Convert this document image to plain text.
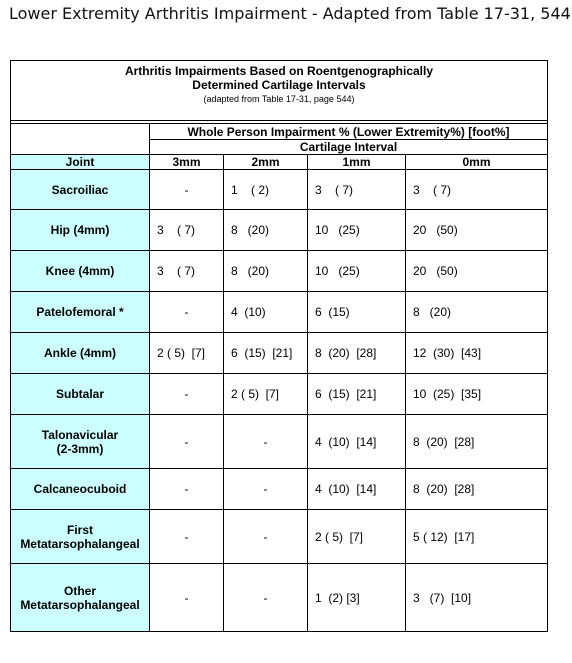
Lower Extremity Arthritis Impairment - Adapted from Table 17-31, 544
Arthritis Impairments Based on Roentgenographically
Determined Cartilage Intervals
(adapted from Table 17-31, page 544)				

	Whole Person Impairment % (Lower Extremity%) [foot%]			
	Cartilage Interval			
Joint	3mm	2mm	1mm	0mm

Sacroiliac	-	1    ( 2)	3    ( 7)	3    ( 7)

Hip (4mm)	3    ( 7)	8   (20)	10   (25)	20   (50)

Knee (4mm)	3    ( 7)	8   (20)	10   (25)	20   (50)

Patelofemoral *	-	4  (10)	6  (15)	8   (20)

Ankle (4mm)	2 ( 5)  [7]	6  (15)  [21]	8  (20)  [28]	12  (30)  [43]

Subtalar	-	2 ( 5)  [7]	6  (15)  [21]	10  (25)  [35]

Talonavicular
(2-3mm)	-	-	4  (10)  [14]	8  (20)  [28]

Calcaneocuboid	-	-	4  (10)  [14]	8  (20)  [28]

First
Metatarsophalangeal	-	-	2 ( 5)  [7]	5 ( 12)  [17]

Other
Metatarsophalangeal	-	-	1  (2) [3]	3   (7)  [10]
